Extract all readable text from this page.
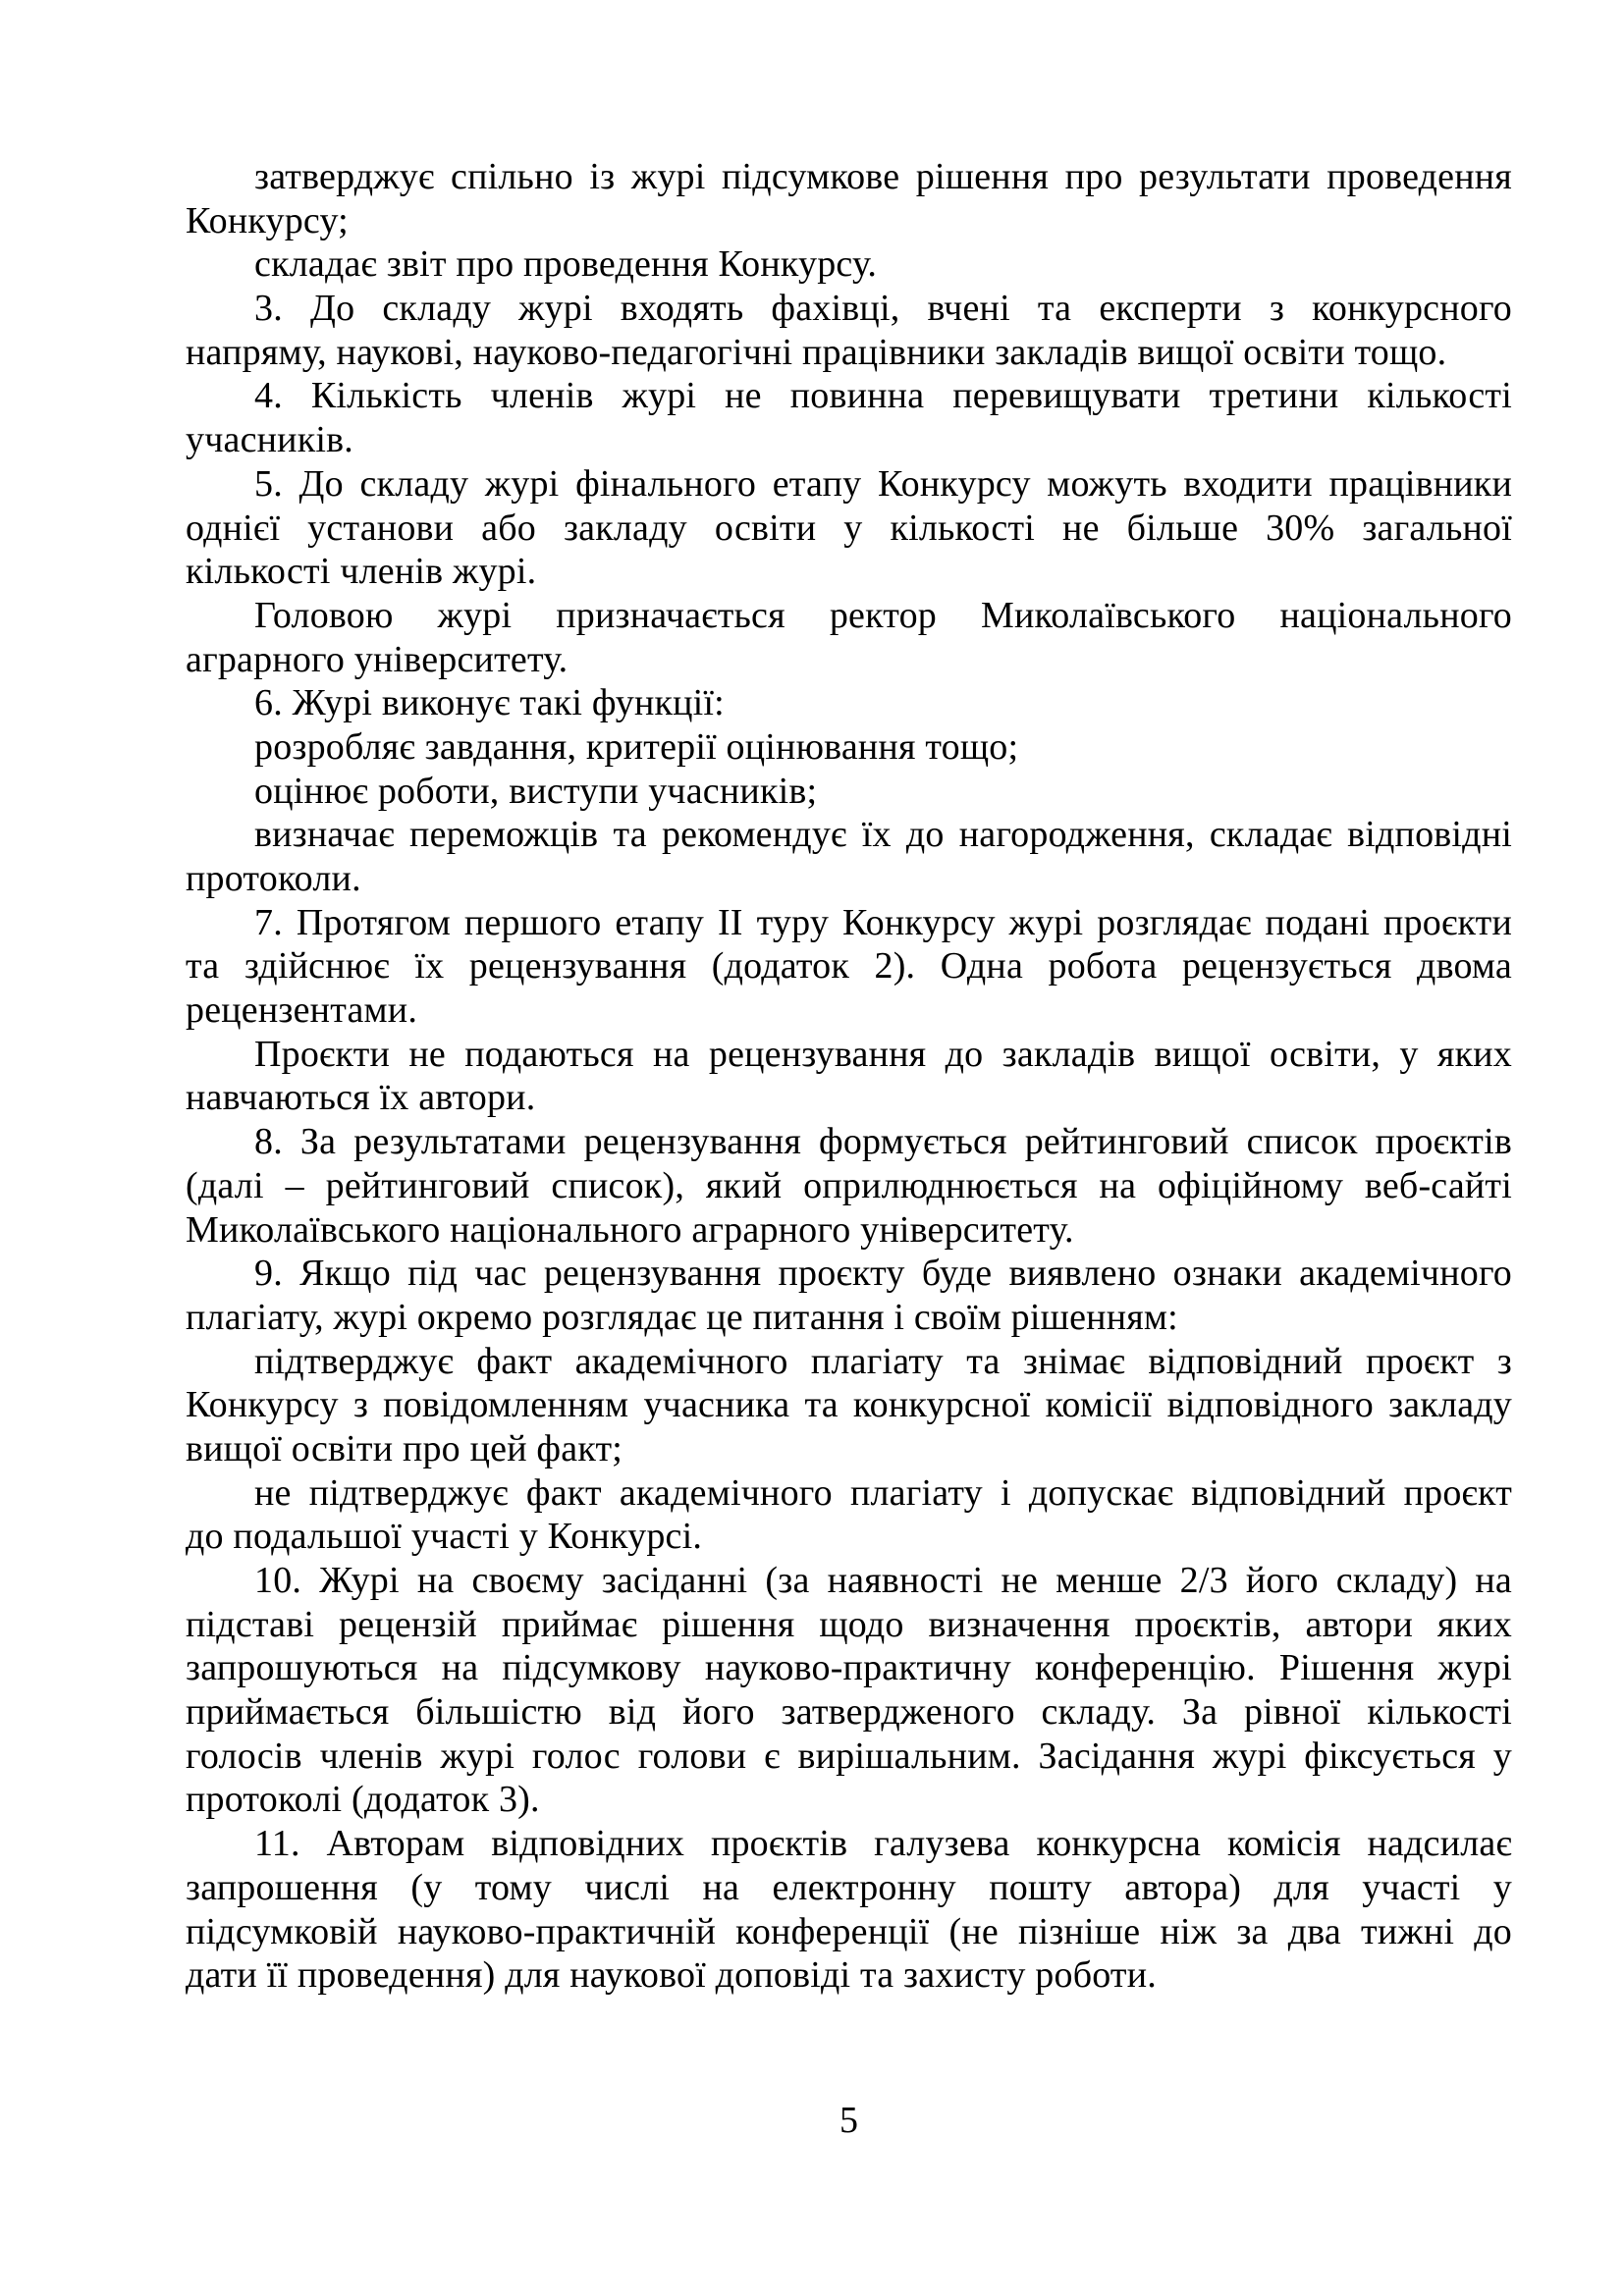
затверджує спільно із журі підсумкове рішення про результати проведення
Конкурсу;
складає звіт про проведення Конкурсу.
3. До складу журі входять фахівці, вчені та експерти з конкурсного
напряму, наукові, науково-педагогічні працівники закладів вищої освіти тощо.
4. Кількість членів журі не повинна перевищувати третини кількості
учасників.
5. До складу журі фінального етапу Конкурсу можуть входити працівники
однієї установи або закладу освіти у кількості не більше 30% загальної
кількості членів журі.
Головою журі призначається ректор Миколаївського національного
аграрного університету.
6. Журі виконує такі функції:
розробляє завдання, критерії оцінювання тощо;
оцінює роботи, виступи учасників;
визначає переможців та рекомендує їх до нагородження, складає відповідні
протоколи.
7. Протягом першого етапу II туру Конкурсу журі розглядає подані проєкти
та здійснює їх рецензування (додаток 2). Одна робота рецензується двома
рецензентами.
Проєкти не подаються на рецензування до закладів вищої освіти, у яких
навчаються їх автори.
8. За результатами рецензування формується рейтинговий список проєктів
(далі – рейтинговий список), який оприлюднюється на офіційному веб-сайті
Миколаївського національного аграрного університету.
9. Якщо під час рецензування проєкту буде виявлено ознаки академічного
плагіату, журі окремо розглядає це питання і своїм рішенням:
підтверджує факт академічного плагіату та знімає відповідний проєкт з
Конкурсу з повідомленням учасника та конкурсної комісії відповідного закладу
вищої освіти про цей факт;
не підтверджує факт академічного плагіату і допускає відповідний проєкт
до подальшої участі у Конкурсі.
10. Журі на своєму засіданні (за наявності не менше 2/3 його складу) на
підставі рецензій приймає рішення щодо визначення проєктів, автори яких
запрошуються на підсумкову науково-практичну конференцію. Рішення журі
приймається більшістю від його затвердженого складу. За рівної кількості
голосів членів журі голос голови є вирішальним. Засідання журі фіксується у
протоколі (додаток 3).
11. Авторам відповідних проєктів галузева конкурсна комісія надсилає
запрошення (у тому числі на електронну пошту автора) для участі у
підсумковій науково-практичній конференції (не пізніше ніж за два тижні до
дати її проведення) для наукової доповіді та захисту роботи.
5
